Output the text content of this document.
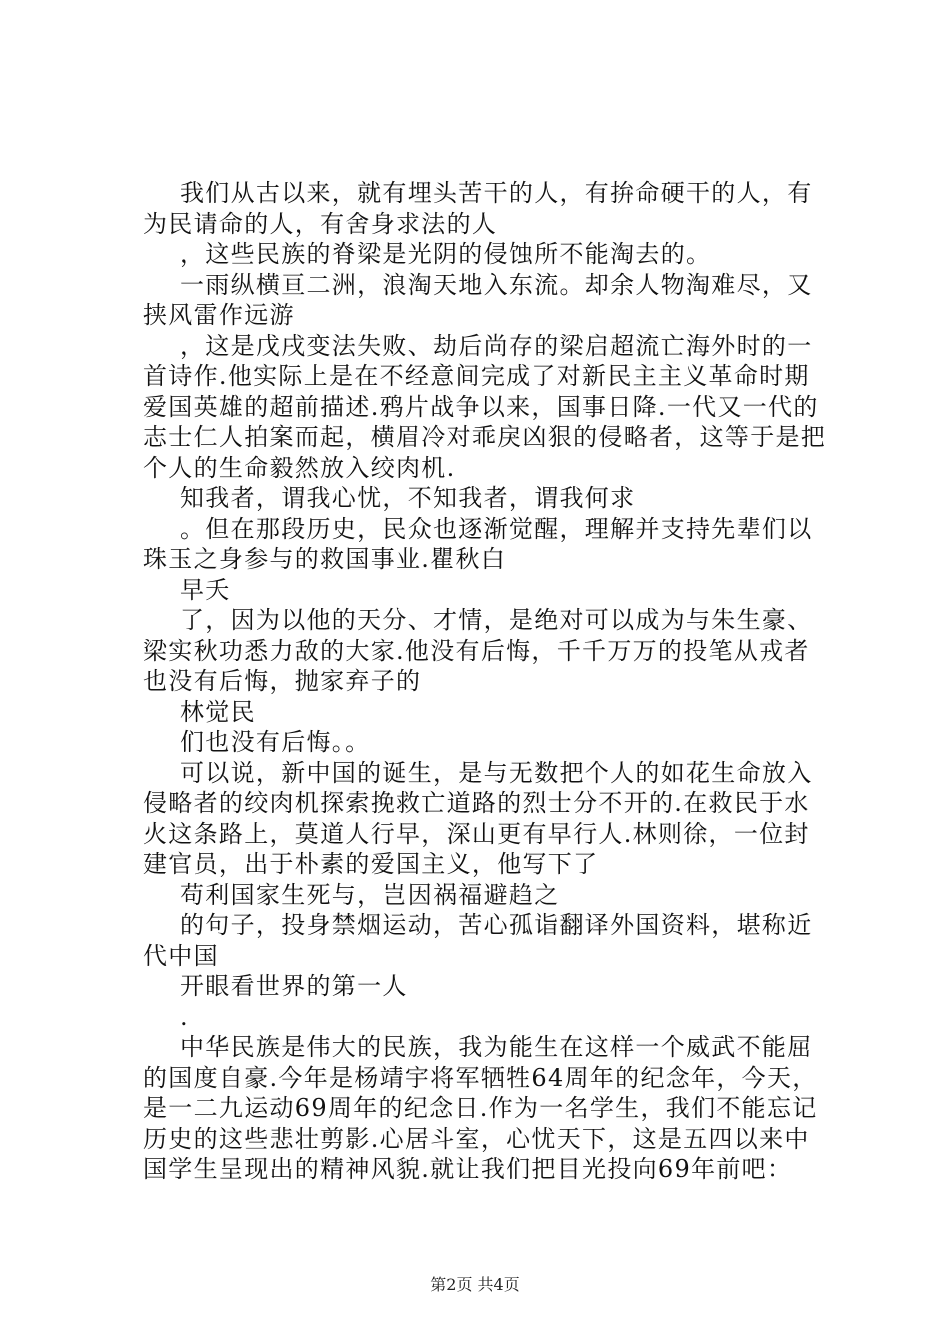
我们从古以来，就有埋头苦干的人，有拚命硬干的人，有为民请命的人，有舍身求法的人

，这些民族的脊梁是光阴的侵蚀所不能淘去的。

一雨纵横亘二洲，浪淘天地入东流。却余人物淘难尽，又挟风雷作远游

，这是戊戌变法失败、劫后尚存的梁启超流亡海外时的一首诗作.他实际上是在不经意间完成了对新民主主义革命时期爱国英雄的超前描述.鸦片战争以来，国事日降.一代又一代的志士仁人拍案而起，横眉冷对乖戾凶狠的侵略者，这等于是把个人的生命毅然放入绞肉机.

知我者，谓我心忧，不知我者，谓我何求

。但在那段历史，民众也逐渐觉醒，理解并支持先辈们以珠玉之身参与的救国事业.瞿秋白

早夭

了，因为以他的天分、才情，是绝对可以成为与朱生豪、梁实秋功悉力敌的大家.他没有后悔，千千万万的投笔从戎者也没有后悔，抛家弃子的

林觉民

们也没有后悔。。

可以说，新中国的诞生，是与无数把个人的如花生命放入侵略者的绞肉机探索挽救亡道路的烈士分不开的.在救民于水火这条路上，莫道人行早，深山更有早行人.林则徐，一位封建官员，出于朴素的爱国主义，他写下了

苟利国家生死与，岂因祸福避趋之

的句子，投身禁烟运动，苦心孤诣翻译外国资料，堪称近代中国

开眼看世界的第一人

.

中华民族是伟大的民族，我为能生在这样一个威武不能屈的国度自豪.今年是杨靖宇将军牺牲64周年的纪念年，今天，是一二九运动69周年的纪念日.作为一名学生，我们不能忘记历史的这些悲壮剪影.心居斗室，心忧天下，这是五四以来中国学生呈现出的精神风貌.就让我们把目光投向69年前吧：

第2页 共4页
